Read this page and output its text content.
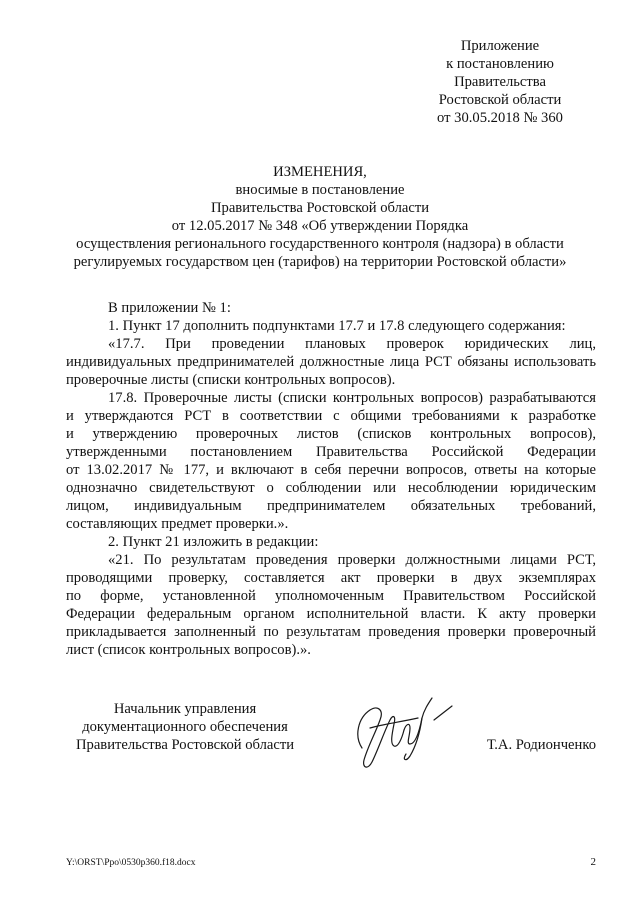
Приложение
к постановлению
Правительства
Ростовской области
от 30.05.2018 № 360
ИЗМЕНЕНИЯ,
вносимые в постановление
Правительства Ростовской области
от 12.05.2017 № 348 «Об утверждении Порядка
осуществления регионального государственного контроля (надзора) в области
регулируемых государством цен (тарифов) на территории Ростовской области»
В приложении № 1:
1. Пункт 17 дополнить подпунктами 17.7 и 17.8 следующего содержания:
«17.7. При проведении плановых проверок юридических лиц,
индивидуальных предпринимателей должностные лица РСТ обязаны использовать
проверочные листы (списки контрольных вопросов).
17.8. Проверочные листы (списки контрольных вопросов) разрабатываются
и утверждаются РСТ в соответствии с общими требованиями к разработке
и утверждению проверочных листов (списков контрольных вопросов),
утвержденными постановлением Правительства Российской Федерации
от 13.02.2017 № 177, и включают в себя перечни вопросов, ответы на которые
однозначно свидетельствуют о соблюдении или несоблюдении юридическим
лицом, индивидуальным предпринимателем обязательных требований,
составляющих предмет проверки.».
2. Пункт 21 изложить в редакции:
«21. По результатам проведения проверки должностными лицами РСТ,
проводящими проверку, составляется акт проверки в двух экземплярах
по форме, установленной уполномоченным Правительством Российской
Федерации федеральным органом исполнительной власти. К акту проверки
прикладывается заполненный по результатам проведения проверки проверочный
лист (список контрольных вопросов).».
Начальник управления
документационного обеспечения
Правительства Ростовской области	Т.А. Родионченко
Y:\ORST\Ppo\0530p360.f18.docx	2
